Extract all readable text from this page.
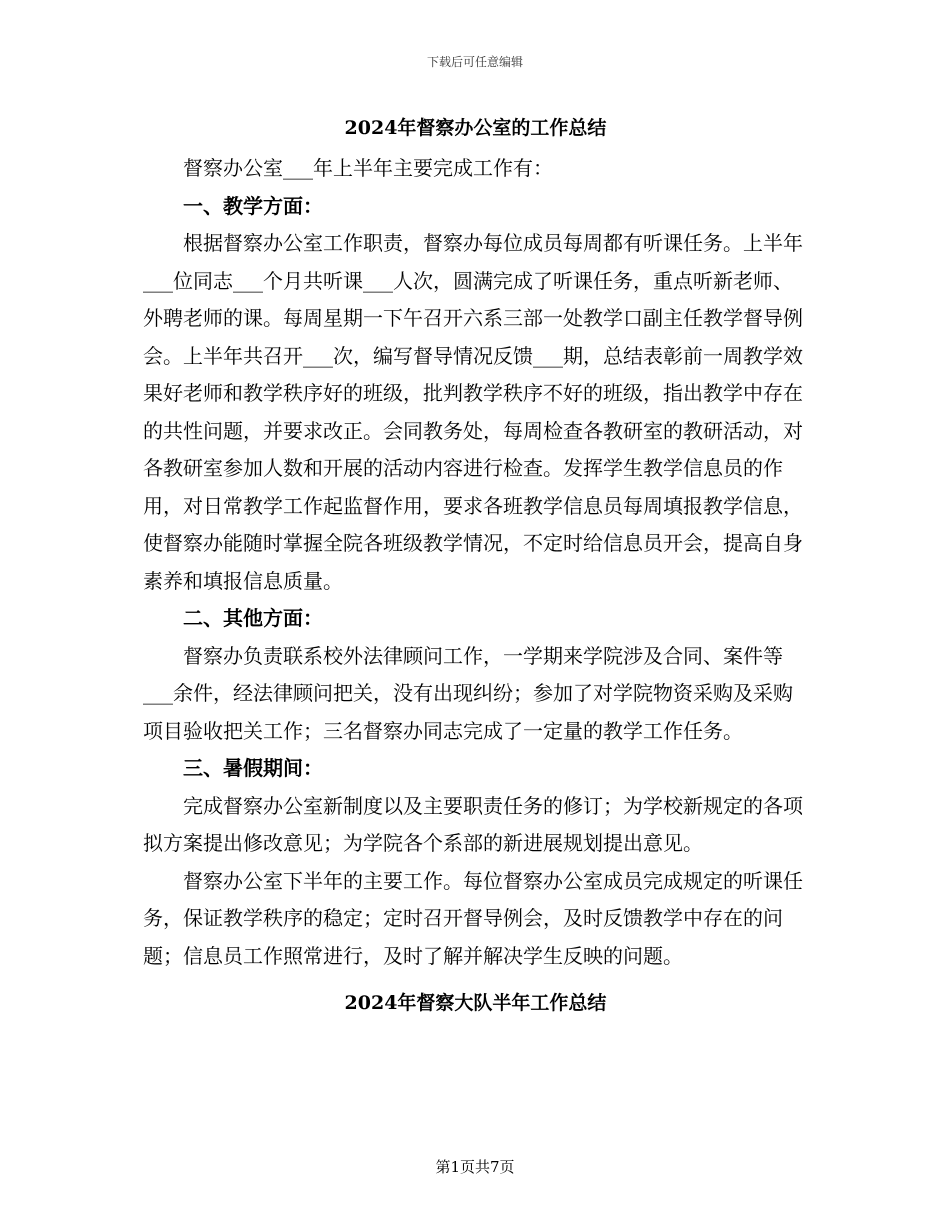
下载后可任意编辑
2024年督察办公室的工作总结

督察办公室___年上半年主要完成工作有：

一、教学方面：

根据督察办公室工作职责，督察办每位成员每周都有听课任务。上半年___位同志___个月共听课___人次，圆满完成了听课任务，重点听新老师、外聘老师的课。每周星期一下午召开六系三部一处教学口副主任教学督导例会。上半年共召开___次，编写督导情况反馈___期，总结表彰前一周教学效果好老师和教学秩序好的班级，批判教学秩序不好的班级，指出教学中存在的共性问题，并要求改正。会同教务处，每周检查各教研室的教研活动，对各教研室参加人数和开展的活动内容进行检查。发挥学生教学信息员的作用，对日常教学工作起监督作用，要求各班教学信息员每周填报教学信息，使督察办能随时掌握全院各班级教学情况，不定时给信息员开会，提高自身素养和填报信息质量。

二、其他方面：

督察办负责联系校外法律顾问工作，一学期来学院涉及合同、案件等___余件，经法律顾问把关，没有出现纠纷；参加了对学院物资采购及采购项目验收把关工作；三名督察办同志完成了一定量的教学工作任务。

三、暑假期间：

完成督察办公室新制度以及主要职责任务的修订；为学校新规定的各项拟方案提出修改意见；为学院各个系部的新进展规划提出意见。

督察办公室下半年的主要工作。每位督察办公室成员完成规定的听课任务，保证教学秩序的稳定；定时召开督导例会，及时反馈教学中存在的问题；信息员工作照常进行，及时了解并解决学生反映的问题。

2024年督察大队半年工作总结
第1页共7页
